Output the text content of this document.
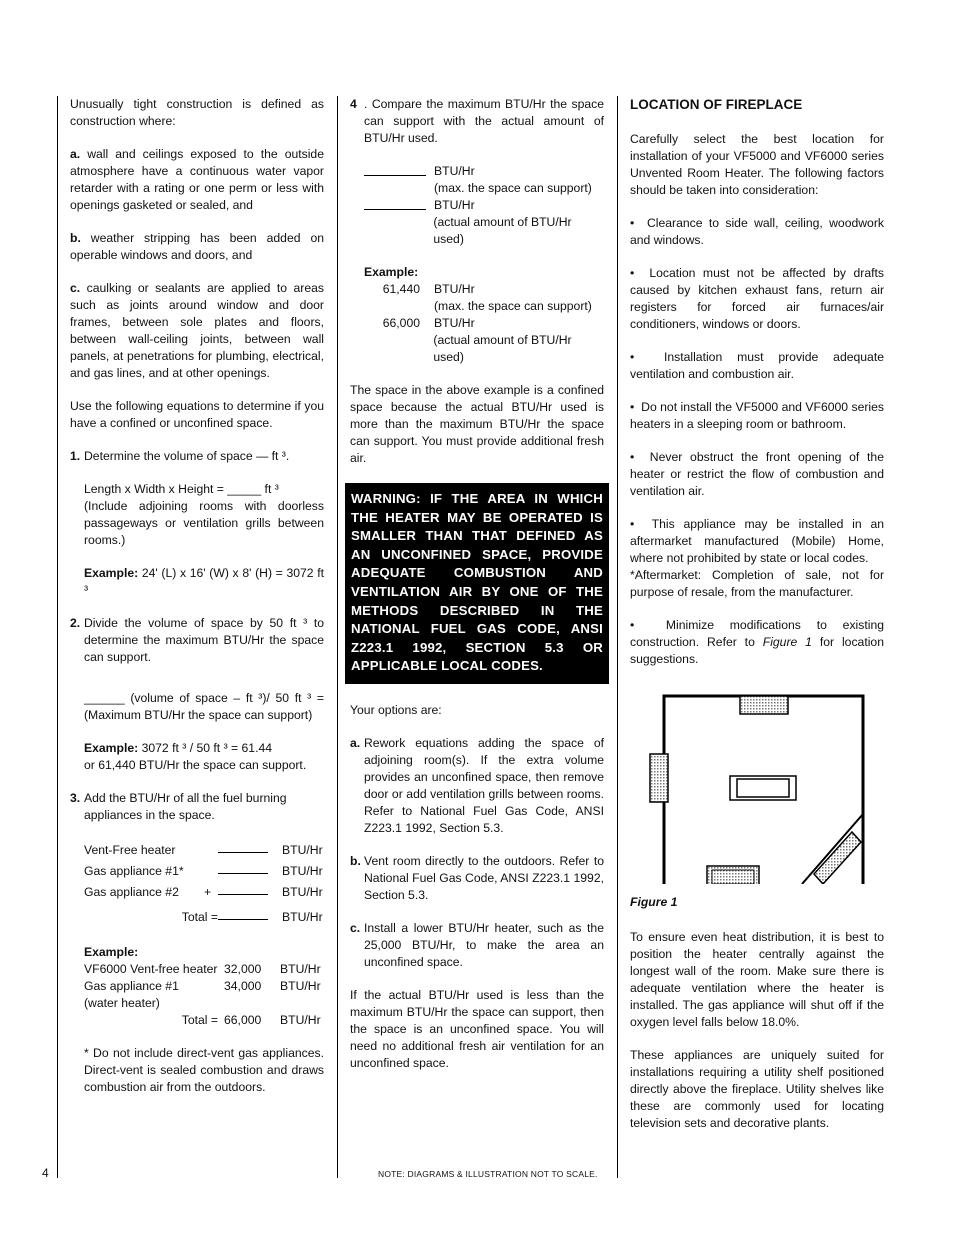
Unusually tight construction is defined as construction where:

a. wall and ceilings exposed to the outside atmosphere have a continuous water vapor retarder with a rating or one perm or less with openings gasketed or sealed, and

b. weather stripping has been added on operable windows and doors, and

c. caulking or sealants are applied to areas such as joints around window and door frames, between sole plates and floors, between wall-ceiling joints, between wall panels, at penetrations for plumbing, electrical, and gas lines, and at other openings.

Use the following equations to determine if you have a confined or unconfined space.

1. Determine the volume of space — ft ³.
Length x Width x Height = _____ ft ³

(Include adjoining rooms with doorless passageways or ventilation grills between rooms.)

Example: 24' (L) x 16' (W) x 8' (H) = 3072 ft ³

2. Divide the volume of space by 50 ft ³ to determine the maximum BTU/Hr the space can support.

______ (volume of space – ft ³)/ 50 ft ³ = (Maximum BTU/Hr the space can support)

Example: 3072 ft ³ / 50 ft ³ = 61.44
or 61,440 BTU/Hr the space can support.

3. Add the BTU/Hr of all the fuel burning appliances in the space.
Vent-Free heater	BTU/Hr
Gas appliance #1*	BTU/Hr
Gas appliance #2	+	BTU/Hr
Total =	BTU/Hr
Example:
VF6000 Vent-free heater 32,000	BTU/Hr
Gas appliance #1	34,000	BTU/Hr
(water heater)
Total = 66,000	BTU/Hr

* Do not include direct-vent gas appliances. Direct-vent is sealed combustion and draws combustion air from the outdoors.

4 . Compare the maximum BTU/Hr the space can support with the actual amount of BTU/Hr used.
BTU/Hr
(max. the space can support)
BTU/Hr
(actual amount of BTU/Hr used)
Example:
61,440	BTU/Hr
(max. the space can support)
66,000	BTU/Hr
(actual amount of BTU/Hr used)

The space in the above example is a confined space because the actual BTU/Hr used is more than the maximum BTU/Hr the space can support. You must provide additional fresh air.

WARNING: IF THE AREA IN WHICH THE HEATER MAY BE OPERATED IS SMALLER THAN THAT DEFINED AS AN UNCONFINED SPACE, PROVIDE ADEQUATE COMBUSTION AND VENTILATION AIR BY ONE OF THE METHODS DESCRIBED IN THE NATIONAL FUEL GAS CODE, ANSI Z223.1 1992, SECTION 5.3 OR APPLICABLE LOCAL CODES.

Your options are:

a. Rework equations adding the space of adjoining room(s). If the extra volume provides an unconfined space, then remove door or add ventilation grills between rooms. Refer to National Fuel Gas Code, ANSI Z223.1 1992, Section 5.3.
b. Vent room directly to the outdoors. Refer to National Fuel Gas Code, ANSI Z223.1 1992, Section 5.3.
c. Install a lower BTU/Hr heater, such as the 25,000 BTU/Hr, to make the area an unconfined space.

If the actual BTU/Hr used is less than the maximum BTU/Hr the space can support, then the space is an unconfined space. You will need no additional fresh air ventilation for an unconfined space.

LOCATION OF FIREPLACE

Carefully select the best location for installation of your VF5000 and VF6000 series Unvented Room Heater. The following factors should be taken into consideration:

•  Clearance to side wall, ceiling, woodwork and windows.

•  Location must not be affected by drafts caused by kitchen exhaust fans, return air registers for forced air furnaces/air conditioners, windows or doors.

•  Installation must provide adequate ventilation and combustion air.

•  Do not install the VF5000 and VF6000 series heaters in a sleeping room or bathroom.

•  Never obstruct the front opening of the heater or restrict the flow of combustion and ventilation air.

•  This appliance may be installed in an aftermarket manufactured (Mobile) Home, where not prohibited by state or local codes.
*Aftermarket: Completion of sale, not for purpose of resale, from the manufacturer.

•  Minimize modifications to existing construction. Refer to Figure 1 for location suggestions.

Figure 1

To ensure even heat distribution, it is best to position the heater centrally against the longest wall of the room. Make sure there is adequate ventilation where the heater is installed. The gas appliance will shut off if the oxygen level falls below 18.0%.

These appliances are uniquely suited for installations requiring a utility shelf positioned directly above the fireplace. Utility shelves like these are commonly used for locating television sets and decorative plants.

4	NOTE: DIAGRAMS & ILLUSTRATION NOT TO SCALE.
